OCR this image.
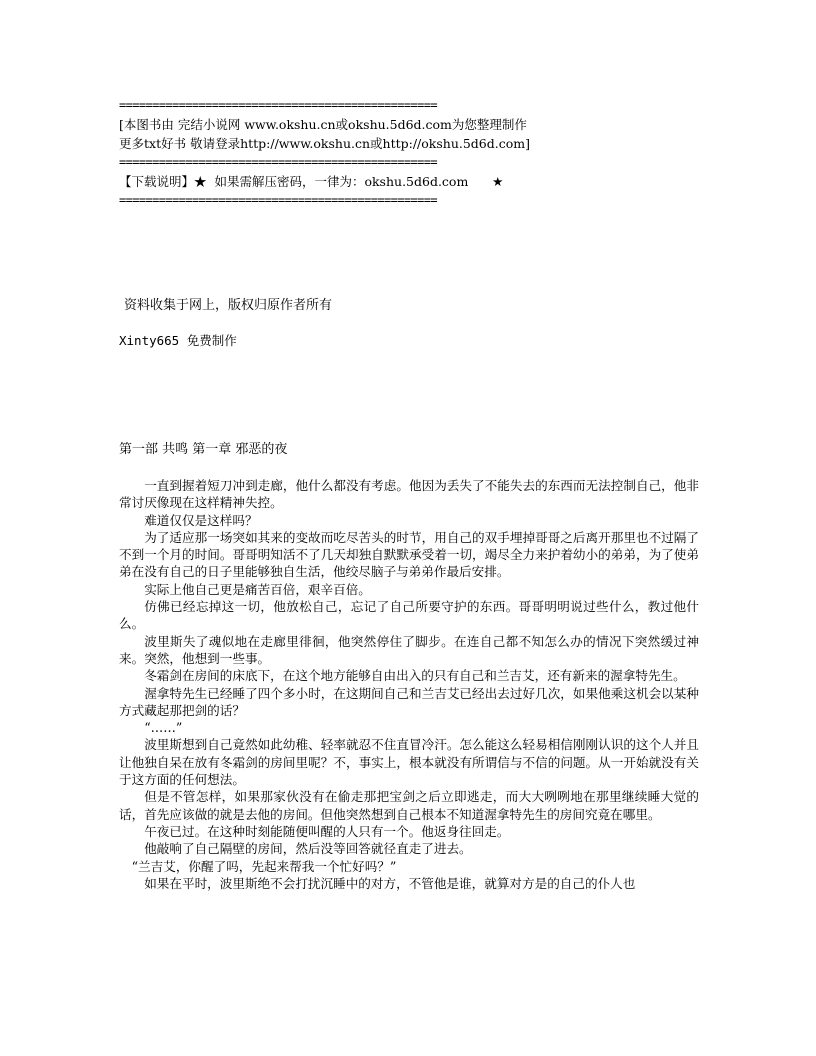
================================================
[本图书由 完结小说网 www.okshu.cn或okshu.5d6d.com为您整理制作
更多txt好书 敬请登录http://www.okshu.cn或http://okshu.5d6d.com]
================================================
【下载说明】★  如果需解压密码，一律为：okshu.5d6d.com      ★
================================================
资料收集于网上，版权归原作者所有
Xinty665 免费制作
第一部 共鸣 第一章 邪恶的夜

一直到握着短刀冲到走廊，他什么都没有考虑。他因为丢失了不能失去的东西而无法控制自己，他非常讨厌像现在这样精神失控。

难道仅仅是这样吗？

为了适应那一场突如其来的变故而吃尽苦头的时节，用自己的双手埋掉哥哥之后离开那里也不过隔了不到一个月的时间。哥哥明知活不了几天却独自默默承受着一切，竭尽全力来护着幼小的弟弟，为了使弟弟在没有自己的日子里能够独自生活，他绞尽脑子与弟弟作最后安排。

实际上他自己更是痛苦百倍，艰辛百倍。

仿佛已经忘掉这一切，他放松自己，忘记了自己所要守护的东西。哥哥明明说过些什么，教过他什么。

波里斯失了魂似地在走廊里徘徊，他突然停住了脚步。在连自己都不知怎么办的情况下突然缓过神来。突然，他想到一些事。

冬霜剑在房间的床底下，在这个地方能够自由出入的只有自己和兰吉艾，还有新来的渥拿特先生。

渥拿特先生已经睡了四个多小时，在这期间自己和兰吉艾已经出去过好几次，如果他乘这机会以某种方式藏起那把剑的话？

“……”

波里斯想到自己竟然如此幼稚、轻率就忍不住直冒冷汗。怎么能这么轻易相信刚刚认识的这个人并且让他独自呆在放有冬霜剑的房间里呢？不，事实上，根本就没有所谓信与不信的问题。从一开始就没有关于这方面的任何想法。

但是不管怎样，如果那家伙没有在偷走那把宝剑之后立即逃走，而大大咧咧地在那里继续睡大觉的话，首先应该做的就是去他的房间。但他突然想到自己根本不知道渥拿特先生的房间究竟在哪里。

午夜已过。在这种时刻能随便叫醒的人只有一个。他返身往回走。

他敲响了自己隔壁的房间，然后没等回答就径直走了进去。

“兰吉艾，你醒了吗，先起来帮我一个忙好吗？”

如果在平时，波里斯绝不会打扰沉睡中的对方，不管他是谁，就算对方是的自己的仆人也
